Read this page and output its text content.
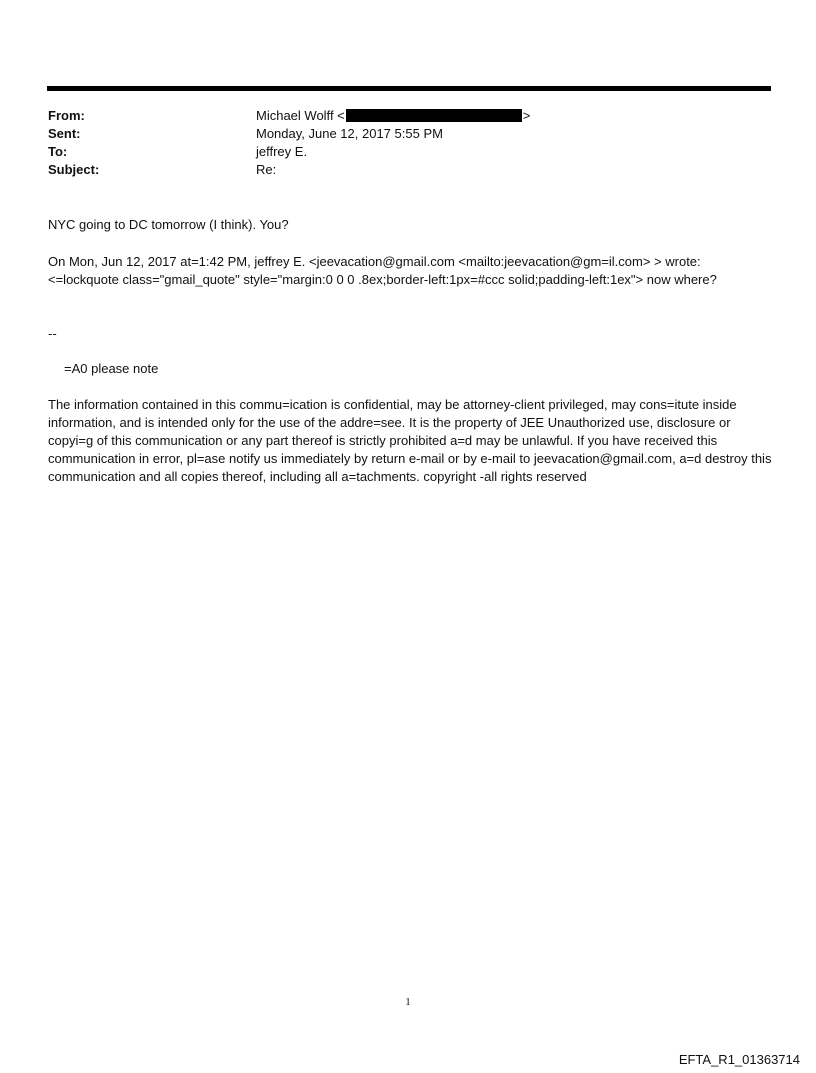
From:	Michael Wolff <	>
Sent:	Monday, June 12, 2017 5:55 PM
To:	jeffrey E.
Subject:	Re:
NYC going to DC tomorrow (I think). You?
On Mon, Jun 12, 2017 at=1:42 PM, jeffrey E. <jeevacation@gmail.com <mailto:jeevacation@gm=il.com> > wrote:
<=lockquote class="gmail_quote" style="margin:0 0 0 .8ex;border-left:1px=#ccc solid;padding-left:1ex"> now where?
--
=A0 please note
The information contained in this commu=ication is confidential, may be attorney-client privileged, may cons=itute inside information, and is intended only for the use of the addre=see. It is the property of JEE Unauthorized use, disclosure or copyi=g of this communication or any part thereof is strictly prohibited a=d may be unlawful. If you have received this communication in error, pl=ase notify us immediately by return e-mail or by e-mail to jeevacation@gmail.com, a=d destroy this communication and all copies thereof, including all a=tachments. copyright -all rights reserved
1
EFTA_R1_01363714
